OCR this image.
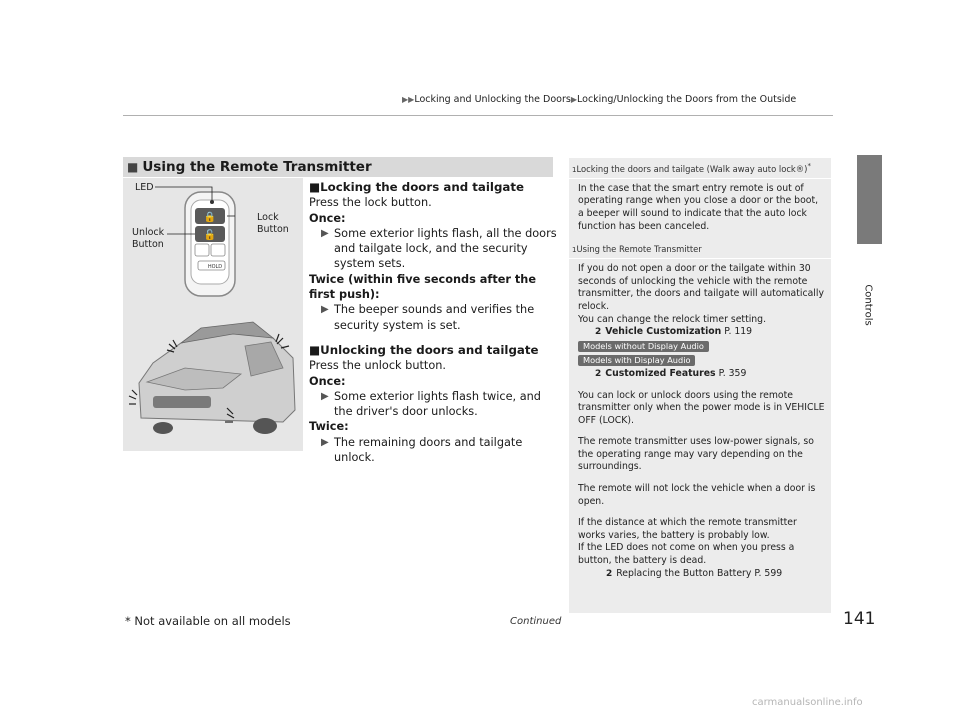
▶▶Locking and Unlocking the Doors▶Locking/Unlocking the Doors from the Outside
Controls
■ Using the Remote Transmitter
🔒
🔓
HOLD
LED
Lock
Button
Unlock
Button
■Locking the doors and tailgate
Press the lock button.
Once:
▶ Some exterior lights flash, all the doors and tailgate lock, and the security system sets.
Twice (within five seconds after the first push):
▶ The beeper sounds and verifies the security system is set.
■Unlocking the doors and tailgate
Press the unlock button.
Once:
▶ Some exterior lights flash twice, and the driver's door unlocks.
Twice:
▶ The remaining doors and tailgate unlock.
1Locking the doors and tailgate (Walk away auto lock®)*
In the case that the smart entry remote is out of operating range when you close a door or the boot, a beeper will sound to indicate that the auto lock function has been canceled.
1Using the Remote Transmitter
If you do not open a door or the tailgate within 30 seconds of unlocking the vehicle with the remote transmitter, the doors and tailgate will automatically relock.
You can change the relock timer setting.
2 Vehicle Customization P. 119
Models without Display Audio
Models with Display Audio
2 Customized Features P. 359
You can lock or unlock doors using the remote transmitter only when the power mode is in VEHICLE OFF (LOCK).
The remote transmitter uses low-power signals, so the operating range may vary depending on the surroundings.
The remote will not lock the vehicle when a door is open.
If the distance at which the remote transmitter works varies, the battery is probably low.
If the LED does not come on when you press a button, the battery is dead.
2 Replacing the Button Battery P. 599
Continued	141
* Not available on all models
carmanualsonline.info
